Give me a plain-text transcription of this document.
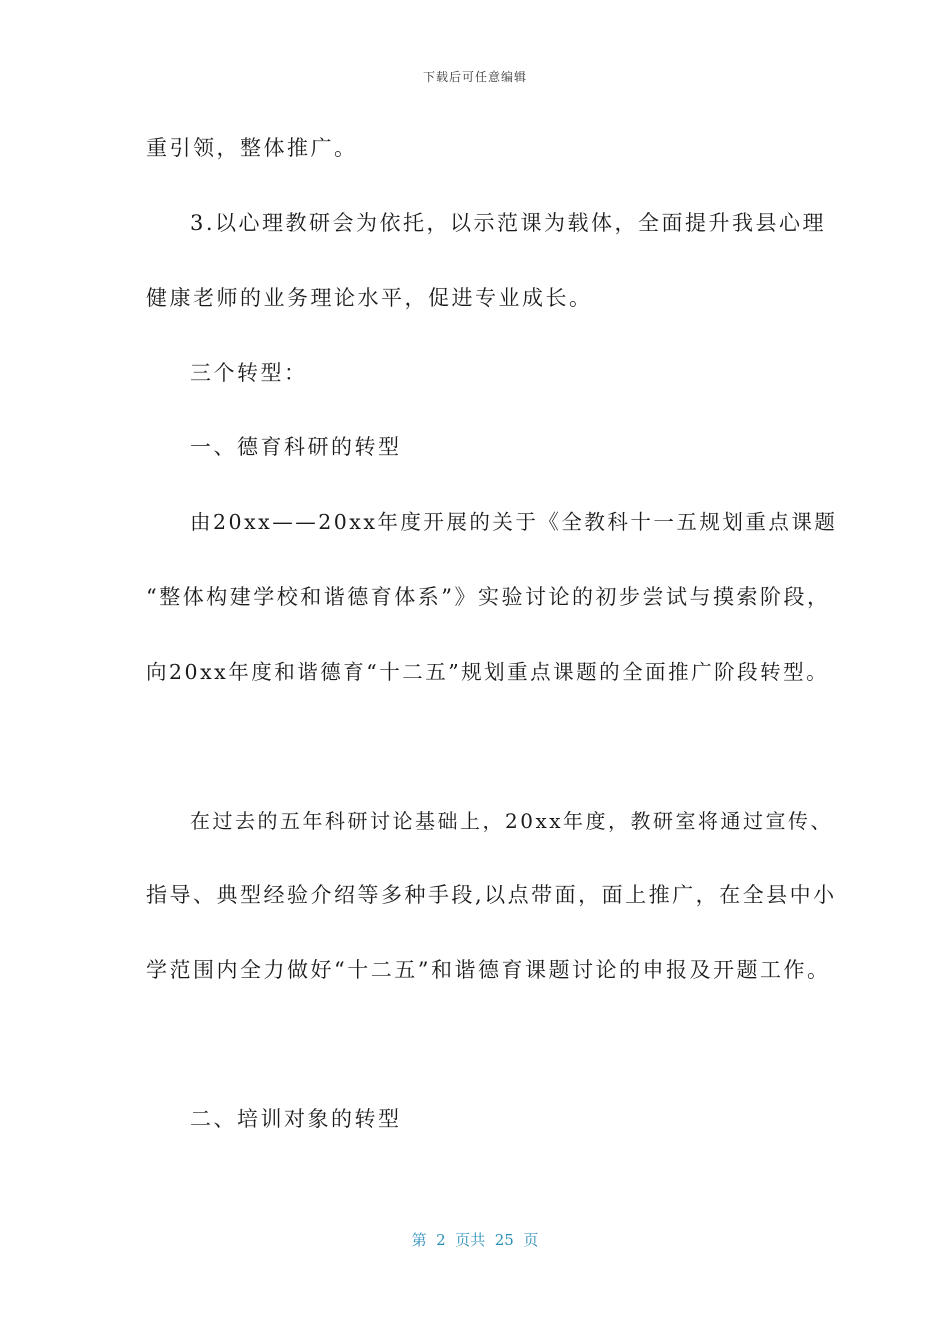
下载后可任意编辑
重引领，整体推广。
3.以心理教研会为依托，以示范课为载体，全面提升我县心理
健康老师的业务理论水平，促进专业成长。
三个转型：
一、德育科研的转型
由20xx——20xx年度开展的关于《全教科十一五规划重点课题
“整体构建学校和谐德育体系”》实验讨论的初步尝试与摸索阶段，
向20xx年度和谐德育“十二五”规划重点课题的全面推广阶段转型。
在过去的五年科研讨论基础上，20xx年度，教研室将通过宣传、
指导、典型经验介绍等多种手段,以点带面，面上推广，在全县中小
学范围内全力做好“十二五”和谐德育课题讨论的申报及开题工作。
二、培训对象的转型
第  2  页共  25  页
